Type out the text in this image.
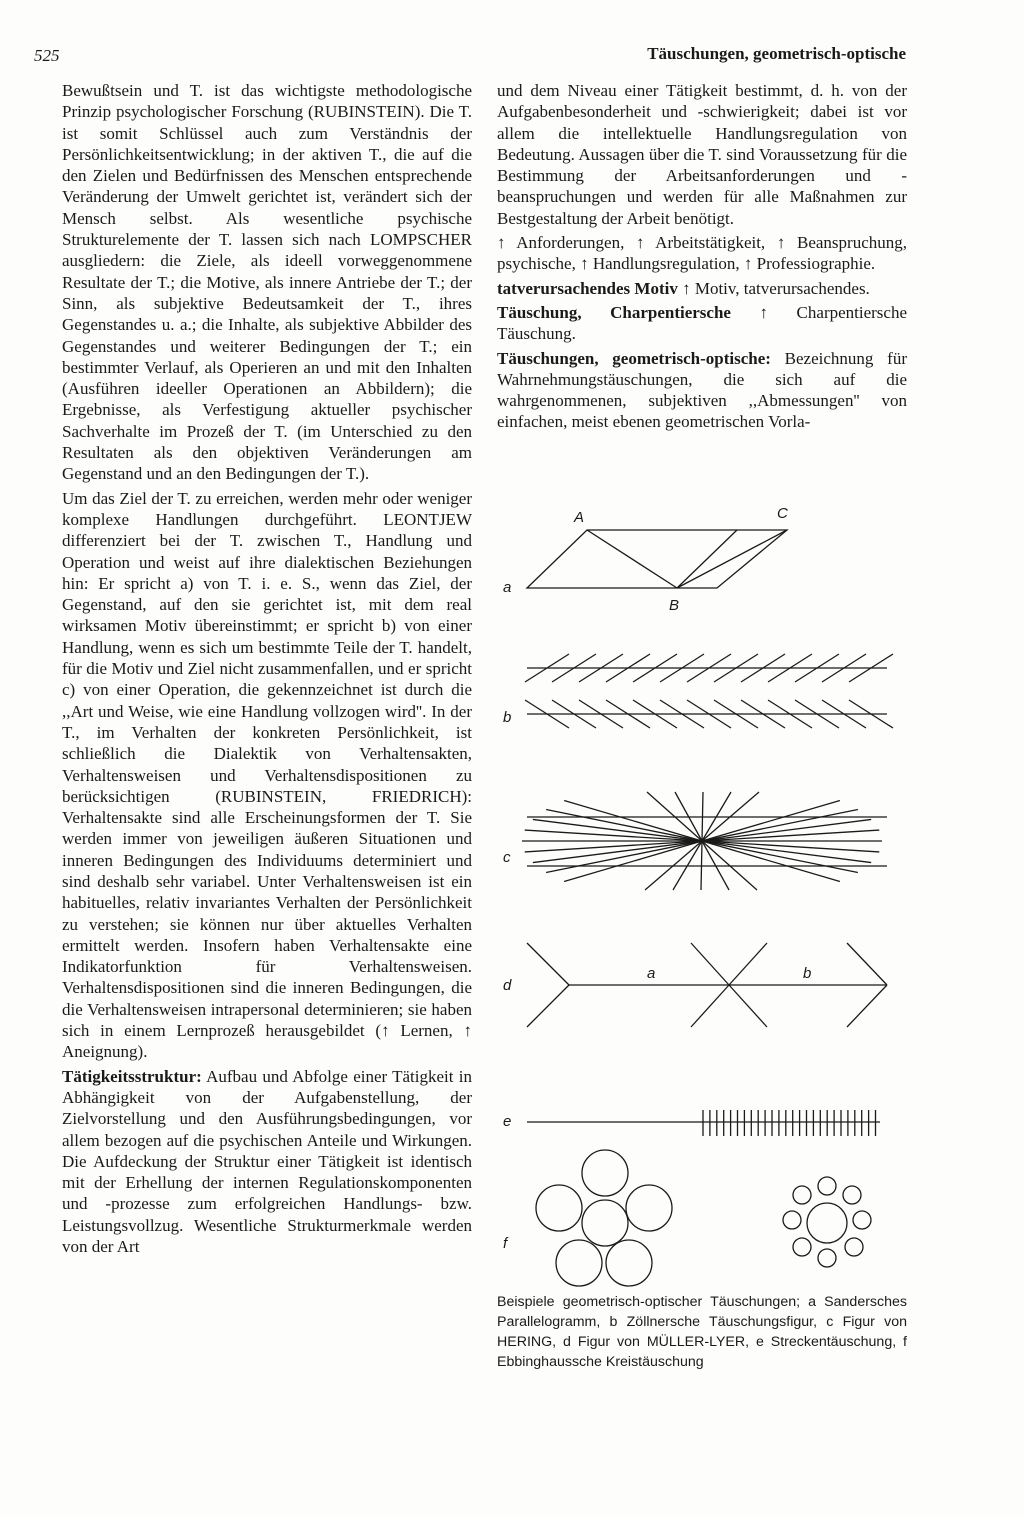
525	Täuschungen, geometrisch-optische

Bewußtsein und T. ist das wichtigste methodologische Prinzip psychologischer Forschung (RUBINSTEIN). Die T. ist somit Schlüssel auch zum Verständnis der Persönlichkeitsentwicklung; in der aktiven T., die auf die den Zielen und Bedürfnissen des Menschen entsprechende Veränderung der Umwelt gerichtet ist, verändert sich der Mensch selbst. Als wesentliche psychische Strukturelemente der T. lassen sich nach LOMPSCHER ausgliedern: die Ziele, als ideell vorweggenommene Resultate der T.; die Motive, als innere Antriebe der T.; der Sinn, als subjektive Bedeutsamkeit der T., ihres Gegenstandes u. a.; die Inhalte, als subjektive Abbilder des Gegenstandes und weiterer Bedingungen der T.; ein bestimmter Verlauf, als Operieren an und mit den Inhalten (Ausführen ideeller Operationen an Abbildern); die Ergebnisse, als Verfestigung aktueller psychischer Sachverhalte im Prozeß der T. (im Unterschied zu den Resultaten als den objektiven Veränderungen am Gegenstand und an den Bedingungen der T.).

Um das Ziel der T. zu erreichen, werden mehr oder weniger komplexe Handlungen durchgeführt. LEONTJEW differenziert bei der T. zwischen T., Handlung und Operation und weist auf ihre dialektischen Beziehungen hin: Er spricht a) von T. i. e. S., wenn das Ziel, der Gegenstand, auf den sie gerichtet ist, mit dem real wirksamen Motiv übereinstimmt; er spricht b) von einer Handlung, wenn es sich um bestimmte Teile der T. handelt, für die Motiv und Ziel nicht zusammenfallen, und er spricht c) von einer Operation, die gekennzeichnet ist durch die ,,Art und Weise, wie eine Handlung vollzogen wird''. In der T., im Verhalten der konkreten Persönlichkeit, ist schließlich die Dialektik von Verhaltensakten, Verhaltensweisen und Verhaltensdispositionen zu berücksichtigen (RUBINSTEIN, FRIEDRICH): Verhaltensakte sind alle Erscheinungsformen der T. Sie werden immer von jeweiligen äußeren Situationen und inneren Bedingungen des Individuums determiniert und sind deshalb sehr variabel. Unter Verhaltensweisen ist ein habituelles, relativ invariantes Verhalten der Persönlichkeit zu verstehen; sie können nur über aktuelles Verhalten ermittelt werden. Insofern haben Verhaltensakte eine Indikatorfunktion für Verhaltensweisen. Verhaltensdispositionen sind die inneren Bedingungen, die die Verhaltensweisen intrapersonal determinieren; sie haben sich in einem Lernprozeß herausgebildet (↑ Lernen, ↑ Aneignung).

Tätigkeitsstruktur: Aufbau und Abfolge einer Tätigkeit in Abhängigkeit von der Aufgabenstellung, der Zielvorstellung und den Ausführungsbedingungen, vor allem bezogen auf die psychischen Anteile und Wirkungen. Die Aufdeckung der Struktur einer Tätigkeit ist identisch mit der Erhellung der internen Regulationskomponenten und -prozesse zum erfolgreichen Handlungs- bzw. Leistungsvollzug. Wesentliche Strukturmerkmale werden von der Art

und dem Niveau einer Tätigkeit bestimmt, d. h. von der Aufgabenbesonderheit und -schwierigkeit; dabei ist vor allem die intellektuelle Handlungsregulation von Bedeutung. Aussagen über die T. sind Voraussetzung für die Bestimmung der Arbeitsanforderungen und -beanspruchungen und werden für alle Maßnahmen zur Bestgestaltung der Arbeit benötigt.

↑ Anforderungen, ↑ Arbeitstätigkeit, ↑ Beanspruchung, psychische, ↑ Handlungsregulation, ↑ Professiographie.

tatverursachendes Motiv ↑ Motiv, tatverursachendes.

Täuschung, Charpentiersche ↑ Charpentiersche Täuschung.

Täuschungen, geometrisch-optische: Bezeichnung für Wahrnehmungstäuschungen, die sich auf die wahrgenommenen, subjektiven ,,Abmessungen'' von einfachen, meist ebenen geometrischen Vorla-

A	C
B
a
b
c
a	b
d
e
f
Beispiele geometrisch-optischer Täuschungen; a Sandersches Parallelogramm, b Zöllnersche Täuschungsfigur, c Figur von HERING, d Figur von MÜLLER-LYER, e Streckentäuschung, f Ebbinghaussche Kreistäuschung
